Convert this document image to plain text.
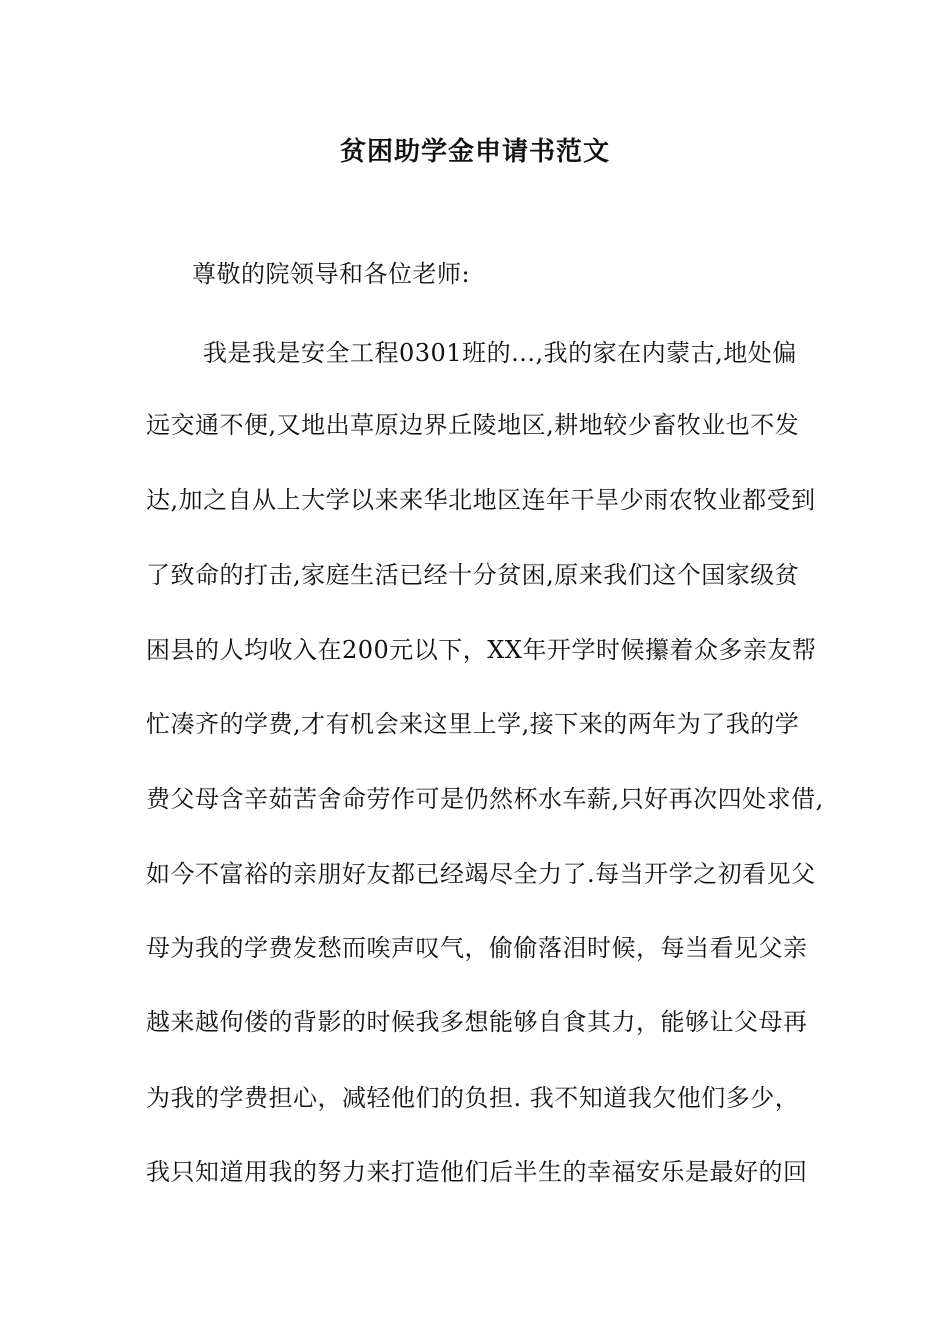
贫困助学金申请书范文
尊敬的院领导和各位老师:
我是我是安全工程0301班的...,我的家在内蒙古,地处偏
远交通不便,又地出草原边界丘陵地区,耕地较少畜牧业也不发
达,加之自从上大学以来来华北地区连年干旱少雨农牧业都受到
了致命的打击,家庭生活已经十分贫困,原来我们这个国家级贫
困县的人均收入在200元以下，XX年开学时候攥着众多亲友帮
忙凑齐的学费,才有机会来这里上学,接下来的两年为了我的学
费父母含辛茹苦舍命劳作可是仍然杯水车薪,只好再次四处求借,
如今不富裕的亲朋好友都已经竭尽全力了.每当开学之初看见父
母为我的学费发愁而唉声叹气，偷偷落泪时候，每当看见父亲
越来越佝偻的背影的时候我多想能够自食其力，能够让父母再
为我的学费担心，减轻他们的负担. 我不知道我欠他们多少，
我只知道用我的努力来打造他们后半生的幸福安乐是最好的回
